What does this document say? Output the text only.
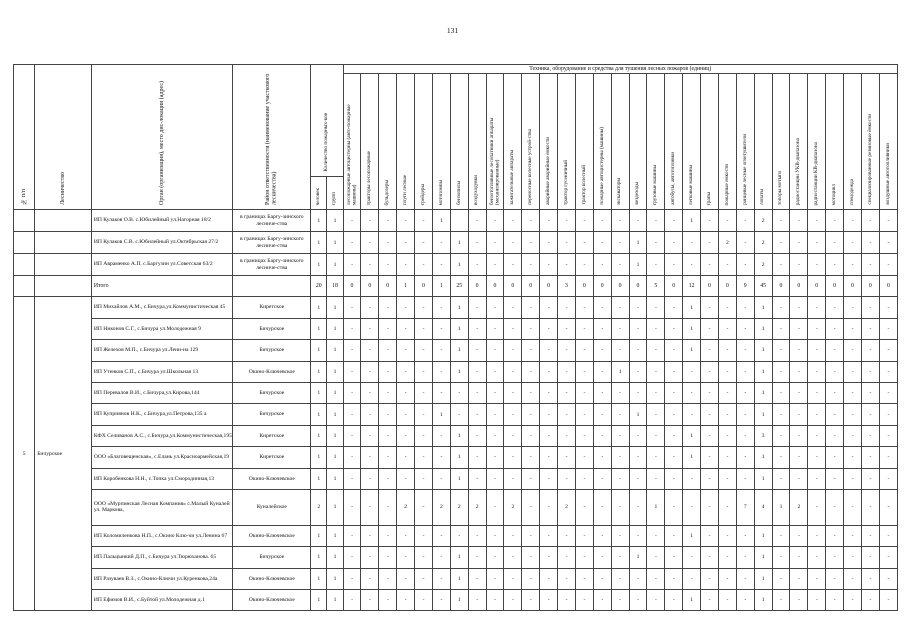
131
№ п/п	Лесничество	Орган (организация), место дис-локации (адрес)	Район ответственности (наименование участкового лесничества)	Количество пожарных-ков		Техника, оборудование и средства для тушения лесных пожаров (единиц)																														
						лесопожарные автоцистерны (авто-пожарные машины)	тракторы лесопожарные	бульдозеры	плуги лесные	грейдеры	мотопомпы	бензопилы	воздуходувки	бензотопливные лесопатники аппараты (механизированные)	зажигательные аппараты	переносные колесные устрой-ства	аварийные аварийные емкости	трактор гусеничный	трактор колесный	пожарные автоцистерны (машины)	экскаваторы	вездеходы	грузовые машины	автобусы, автотопливки	легковые машины	трапы	пожарные емкости	ранцевые лесные огнетушители	лопаты	топоры мотыги	радиостанции УКВ-диапазона	радиостанции КВ-диапазона	мотоцикл	спецодежда	специализированные резиновые ёмкости	воздушные автотопливники
				человек	групп																															
		ИП Кулаков О.В. с.Юбилейный ул.Нагорная 18/2	в границах Баргу-зинского лесниче-ства	1	1	-	-	-	-	-	1		-	-	-	-	-	-	-	-	-	-	-	-	1	-	-	-	2	-	-	-	-	-	-	-
		ИП Кулаков С.В. с.Юбилейный ул.Октябрьская 27/2	в границах Баргу-зинского лесниче-ства	1	1	-	-	-	-	-	-	1	-	-	-	-	-	-	-	-	-	1	-	-	-	-	2	-	2	-	-	-	-	-	-	-
		ИП Авраменко А.П. с.Баргузин ул.Советская 63/2	в границах Баргу-зинского лесниче-ства	1	1	-	-	-	-	-	-	1	-	-	-	-	-	-	-	-	-	1	-	-	-	-	-	-	2	-	-	-	-	-	-	-
		Итого		20	18	0	0	0	1	0	1	25	0	0	0	0	0	3	0	0	0	0	5	0	12	0	0	9	45	0	0	0	0	0	0	0
5	Бичурское	ИП Михайлов А.М., с.Бичура,ул.Коммунистическая 45	Киретское	1	1	-	-	-	-	-	-	1	-	-	-	-	-	-	-	-	-	-	-	-	1	-	-	-	1	-	-	-	-	-	-	-
		ИП Никонов С.Г., с.Бичура ул.Молодежная 9	Бичурское	1	1	-	-	-	-	-	-	1	-	-	-	-	-	-	-	-	-	-	-	-	1	-	-	-	1	-	-	-	-	-	-	-
		ИП Желехов М.П., с.Бичура ул.Лени-на 129	Бичурское	1	1	-	-	-	-	-	-	1	-	-	-	-	-	-	-	-	-	-	-	-	1	-	-	-	1	-	-	-	-	-	-	-
		ИП Утенков С.П., с.Бичура ул.Школьная 13	Окино-Ключевское	1	1	-	-	-	-	-	-	1	-	-	-	-	-	-	-	-	1	-	-	-	-	-	-	-	1	-	-	-	-	-	-	-
		ИП Перевалов В.И., с.Бичура,ул.Кирова,144	Бичурское	1	1	-	-	-	-	-	-	-	-	-	-	-	-	-	-	-	-	-	-	-	-	-	-	-	1	-	-	-	-	-	-	-
		ИП Куприянов Н.К., с.Бичура,ул.Петрова,135 а	Бичурское	1	1	-	-	-	-	-	1	-	-	-	-	-	-	-	-	-	-	1	-	-	-	-	-	-	1	-	-	-	-	-	-	-
		КФХ Селиванов А.С., с.Бичура,ул.Коммунистическая,195	Киретское	1	1	-	-	-	-	-	-	1	-	-	-	-	-	-	-	-	-	-	-	-	1	-	-	-	3	-	-	-	-	-	-	-
		ООО «Благовещенская», с.Елань ул.Красноармейская,19	Киретское	1	1	-	-	-	-	-	-	1	-	-	-	-	-	-	-	-	-	-	-	-	1	-	-	-	1	-	-	-	-	-	-	-
		ИП Коробенкова Н.Н., с.Топка ул.Смородинная,13	Окино-Ключевское	1	1	-	-	-	-	-	-	1	-	-	-	-	-	-	-	-	-	-	-	-	-	-	-	-	1	-	-	-	-	-	-	-
		ООО «Мурпинская Лесная Компания» с.Малый Куналей ул. Маркова,	Куналейское	2	1	-	-	-	2	-	2	2	2	-	2	-	-	2	-	-	-	-	1	-	-	-	-	7	4	1	2	-	-	-	-	-
		ИП Коломиленкова Н.П., с.Окино Клю-чи ул.Ленина 67	Окино-Ключевское	1	1	-	-	-	-	-	-	-	-	-	-	-	-	-	-	-	-	-	-	-	1	-	-	-	1	-	-	-	-	-	-	-
		ИП Пальцынкий Д.П., с.Бичура ул.Тюрюханова. 65	Бичурское	1	1	-	-	-	-	-	-	1	-	-	-	-	-	-	-	-	-	1	-	-	-	-	-	-	1	-	-	-	-	-	-	-
		ИП Разуваев В.З., с.Окино-Ключи ул.Куренкова,24а	Окино-Ключевское	1	1	-	-	-	-	-	-	1	-	-	-	-	-	-	-	-	-	-	-	-	-	-	-	-	1	-	-	-	-	-	-	-
		ИП Ефимов В.И., с.Буйтой ул.Молодежная д.1	Окино-Ключевское	1	1	-	-	-	-	-	-	1	-	-	-	-	-	-	-	-	-	-	-	-	1	-	-	-	1	-	-	-	-	-	-	-
